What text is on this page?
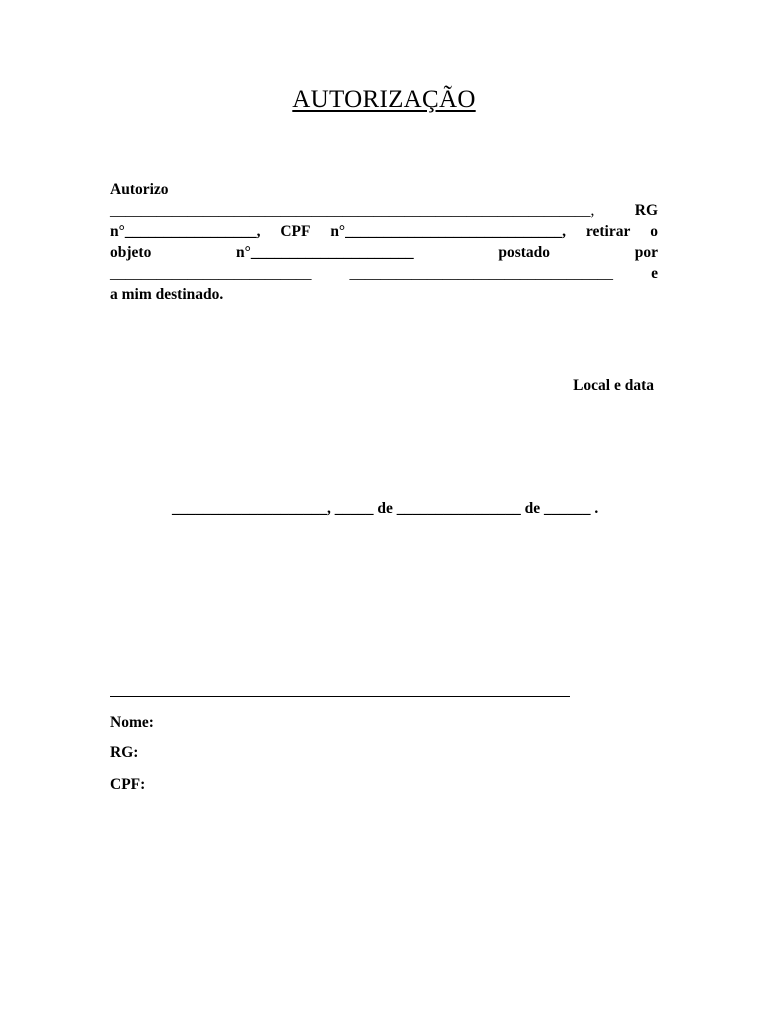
AUTORIZAÇÃO
Autorizo
______________________________________________________________,	RG
n°_________________, CPF n°____________________________, retirar o
objeto	n°_____________________	postado	por
__________________________ __________________________________ e
a mim destinado.
Local e data
____________________, _____ de ________________ de ______ .
Nome:
RG:
CPF:
